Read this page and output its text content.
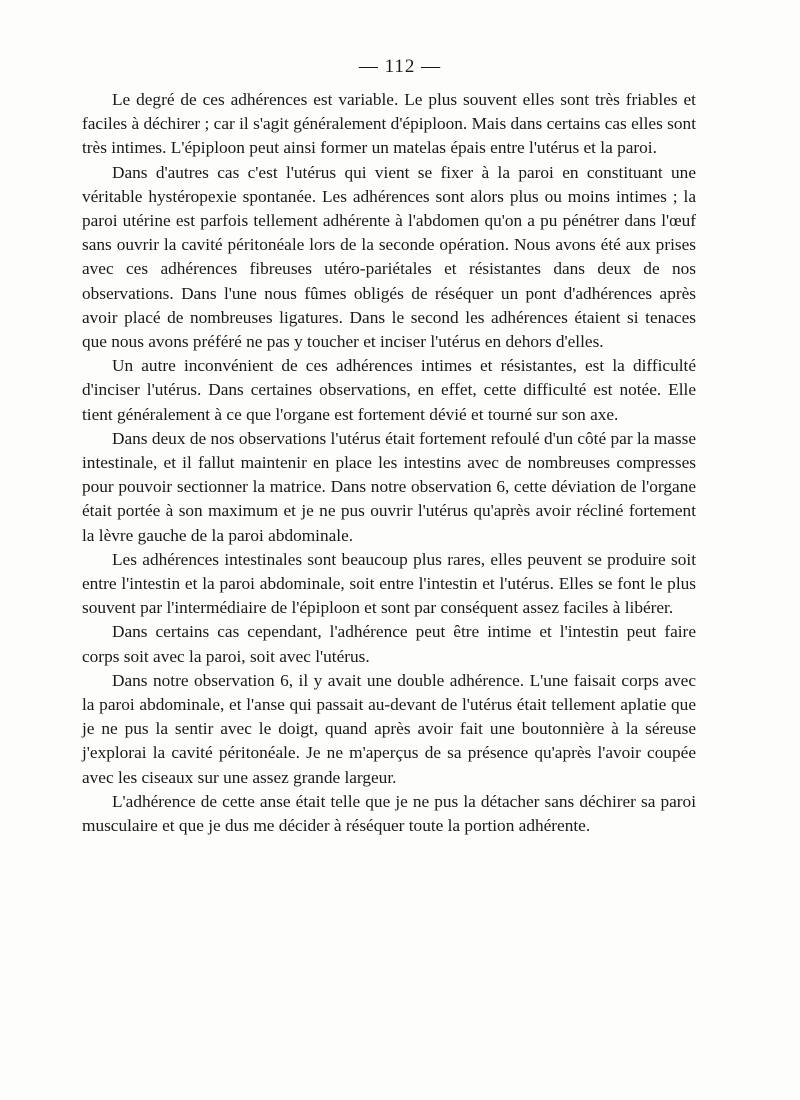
— 112 —

Le degré de ces adhérences est variable. Le plus souvent elles sont très friables et faciles à déchirer ; car il s'agit généralement d'épiploon. Mais dans certains cas elles sont très intimes. L'épiploon peut ainsi former un matelas épais entre l'utérus et la paroi.

Dans d'autres cas c'est l'utérus qui vient se fixer à la paroi en constituant une véritable hystéropexie spontanée. Les adhérences sont alors plus ou moins intimes ; la paroi utérine est parfois tellement adhérente à l'abdomen qu'on a pu pénétrer dans l'œuf sans ouvrir la cavité péritonéale lors de la seconde opération. Nous avons été aux prises avec ces adhérences fibreuses utéro-pariétales et résistantes dans deux de nos observations. Dans l'une nous fûmes obligés de réséquer un pont d'adhérences après avoir placé de nombreuses ligatures. Dans le second les adhérences étaient si tenaces que nous avons préféré ne pas y toucher et inciser l'utérus en dehors d'elles.

Un autre inconvénient de ces adhérences intimes et résistantes, est la difficulté d'inciser l'utérus. Dans certaines observations, en effet, cette difficulté est notée. Elle tient généralement à ce que l'organe est fortement dévié et tourné sur son axe.

Dans deux de nos observations l'utérus était fortement refoulé d'un côté par la masse intestinale, et il fallut maintenir en place les intestins avec de nombreuses compresses pour pouvoir sectionner la matrice. Dans notre observation 6, cette déviation de l'organe était portée à son maximum et je ne pus ouvrir l'utérus qu'après avoir récliné fortement la lèvre gauche de la paroi abdominale.

Les adhérences intestinales sont beaucoup plus rares, elles peuvent se produire soit entre l'intestin et la paroi abdominale, soit entre l'intestin et l'utérus. Elles se font le plus souvent par l'intermédiaire de l'épiploon et sont par conséquent assez faciles à libérer.

Dans certains cas cependant, l'adhérence peut être intime et l'intestin peut faire corps soit avec la paroi, soit avec l'utérus.

Dans notre observation 6, il y avait une double adhérence. L'une faisait corps avec la paroi abdominale, et l'anse qui passait au-devant de l'utérus était tellement aplatie que je ne pus la sentir avec le doigt, quand après avoir fait une boutonnière à la séreuse j'explorai la cavité péritonéale. Je ne m'aperçus de sa présence qu'après l'avoir coupée avec les ciseaux sur une assez grande largeur.

L'adhérence de cette anse était telle que je ne pus la détacher sans déchirer sa paroi musculaire et que je dus me décider à réséquer toute la portion adhérente.
